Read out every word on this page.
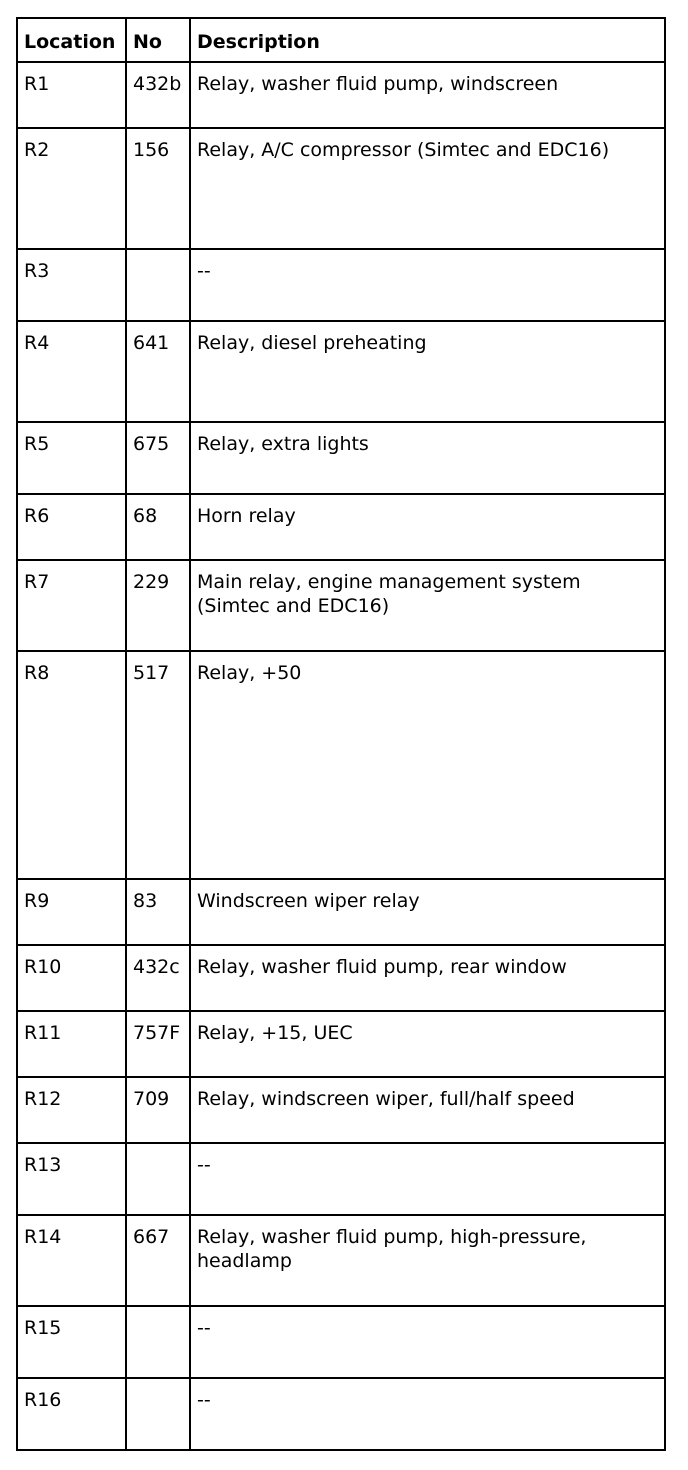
Location	No	Description
R1	432b	Relay, washer fluid pump, windscreen
R2	156	Relay, A/C compressor (Simtec and EDC16)
R3		--
R4	641	Relay, diesel preheating
R5	675	Relay, extra lights
R6	68	Horn relay
R7	229	Main relay, engine management system (Simtec and EDC16)
R8	517	Relay, +50
R9	83	Windscreen wiper relay
R10	432c	Relay, washer fluid pump, rear window
R11	757F	Relay, +15, UEC
R12	709	Relay, windscreen wiper, full/half speed
R13		--
R14	667	Relay, washer fluid pump, high-pressure, headlamp
R15		--
R16		--
